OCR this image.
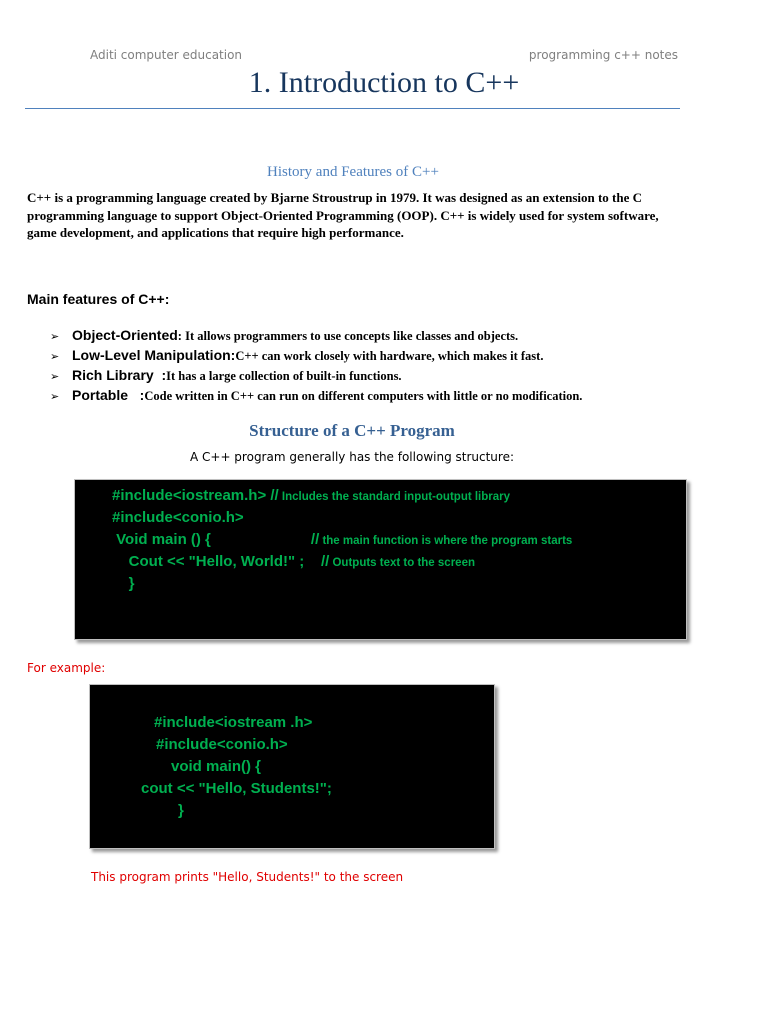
Aditi computer education	programming c++ notes
1. Introduction to C++
History and Features of C++
C++ is a programming language created by Bjarne Stroustrup in 1979. It was designed as an extension to the C
programming language to support Object-Oriented Programming (OOP). C++ is widely used for system software,
game development, and applications that require high performance.
Main features of C++:
➢ Object-Oriented : It allows programmers to use concepts like classes and objects.
➢ Low-Level Manipulation: C++ can work closely with hardware, which makes it fast.
➢ Rich Library  : It has a large collection of built-in functions.
➢ Portable   : Code written in C++ can run on different computers with little or no modification.
Structure of a C++ Program
A C++ program generally has the following structure:
#include<iostream.h> // Includes the standard input-output library
#include<conio.h>
Void main () {                        // the main function is where the program starts
Cout << "Hello, World!" ;    // Outputs text to the screen
}
For example:
#include<iostream .h>
#include<conio.h>
void main() {
cout << "Hello, Students!";
}
This program prints "Hello, Students!" to the screen
